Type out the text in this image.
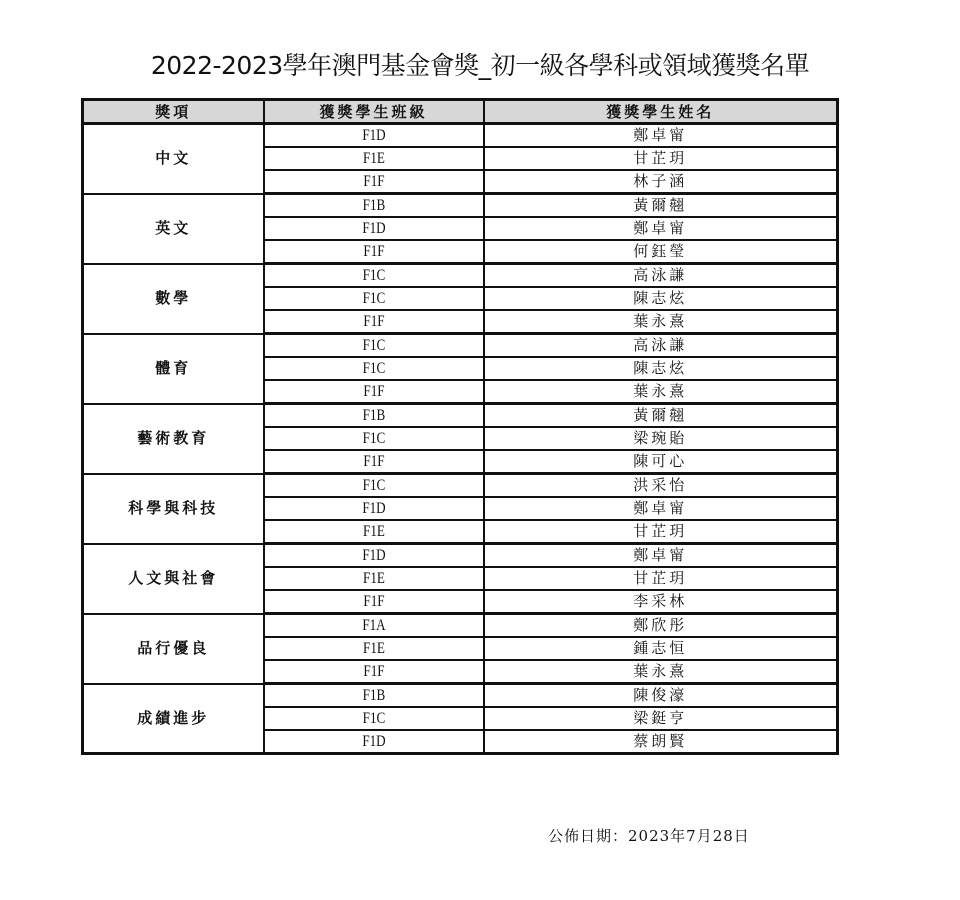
2022-2023學年澳門基金會獎_初一級各學科或領域獲獎名單
獎項	獲獎學生班級	獲獎學生姓名
中文	F1D	鄭卓甯
	F1E	甘芷玥
	F1F	林子涵
英文	F1B	黃爾翹
	F1D	鄭卓甯
	F1F	何鈺瑩
數學	F1C	高泳謙
	F1C	陳志炫
	F1F	葉永熹
體育	F1C	高泳謙
	F1C	陳志炫
	F1F	葉永熹
藝術教育	F1B	黃爾翹
	F1C	梁琬貽
	F1F	陳可心
科學與科技	F1C	洪采怡
	F1D	鄭卓甯
	F1E	甘芷玥
人文與社會	F1D	鄭卓甯
	F1E	甘芷玥
	F1F	李采林
品行優良	F1A	鄭欣彤
	F1E	鍾志恒
	F1F	葉永熹
成績進步	F1B	陳俊濠
	F1C	梁鋌亨
	F1D	蔡朗賢
公佈日期：2023年7月28日
